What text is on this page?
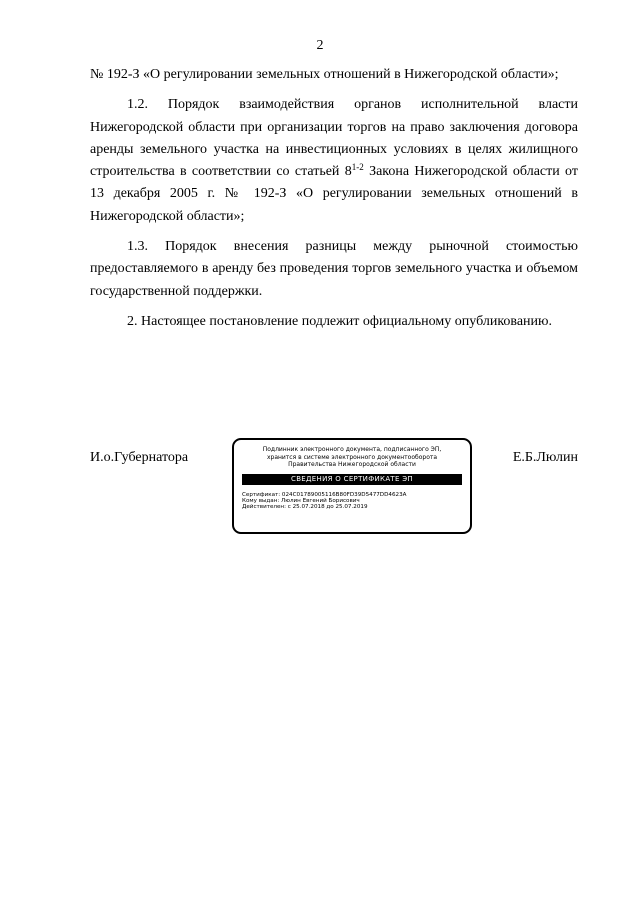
2

№ 192-З «О регулировании земельных отношений в Нижегородской области»;

1.2. Порядок взаимодействия органов исполнительной власти Нижегородской области при организации торгов на право заключения договора аренды земельного участка на инвестиционных условиях в целях жилищного строительства в соответствии со статьей 8$^{1-2}$ Закона Нижегородской области от 13 декабря 2005 г. № 192-З «О регулировании земельных отношений в Нижегородской области»;

1.3. Порядок внесения разницы между рыночной стоимостью предоставляемого в аренду без проведения торгов земельного участка и объемом государственной поддержки.

2. Настоящее постановление подлежит официальному опубликованию.

И.о.Губернатора
Подлинник электронного документа, подписанного ЭП,
хранится в системе электронного документооборота
Правительства Нижегородской области
СВЕДЕНИЯ О СЕРТИФИКАТЕ ЭП
Сертификат: 024C01789005116B80FD39D5477DD4623A
Кому выдан: Люлин Евгений Борисович
Действителен: с 25.07.2018 до 25.07.2019
Е.Б.Люлин
